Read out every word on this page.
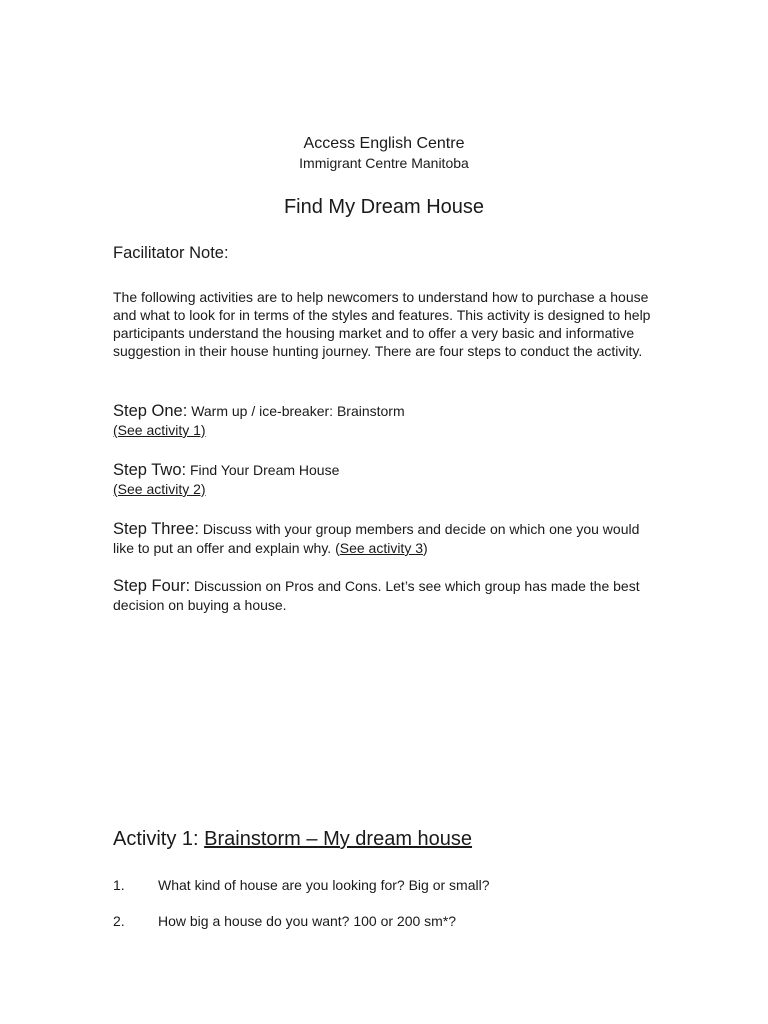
Access English Centre
Immigrant Centre Manitoba
Find My Dream House
Facilitator Note:
The following activities are to help newcomers to understand how to purchase a house and what to look for in terms of the styles and features. This activity is designed to help participants understand the housing market and to offer a very basic and informative suggestion in their house hunting journey. There are four steps to conduct the activity.
Step One: Warm up / ice-breaker: Brainstorm
(See activity 1)
Step Two: Find Your Dream House
(See activity 2)
Step Three: Discuss with your group members and decide on which one you would like to put an offer and explain why. (See activity 3)
Step Four: Discussion on Pros and Cons. Let’s see which group has made the best decision on buying a house.
Activity 1: Brainstorm – My dream house
1. What kind of house are you looking for? Big or small?
2. How big a house do you want? 100 or 200 sm*?
